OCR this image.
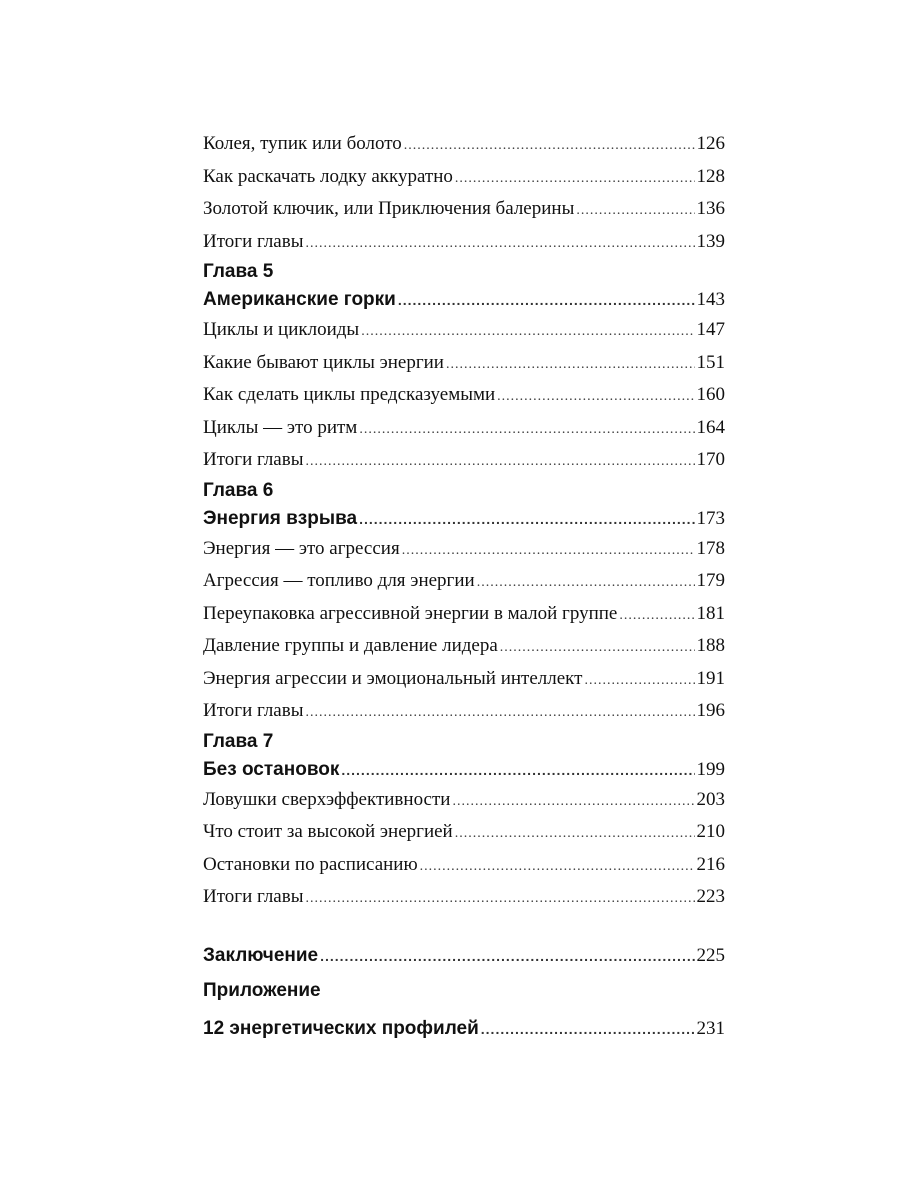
Колея, тупик или болото .....	126
Как раскачать лодку аккуратно .....	128
Золотой ключик, или Приключения балерины .....	136
Итоги главы .....	139
Глава 5
Американские горки .....	143
Циклы и циклоиды .....	147
Какие бывают циклы энергии .....	151
Как сделать циклы предсказуемыми .....	160
Циклы — это ритм .....	164
Итоги главы .....	170
Глава 6
Энергия взрыва .....	173
Энергия — это агрессия .....	178
Агрессия — топливо для энергии .....	179
Переупаковка агрессивной энергии в малой группе .....	181
Давление группы и давление лидера .....	188
Энергия агрессии и эмоциональный интеллект .....	191
Итоги главы .....	196
Глава 7
Без остановок .....	199
Ловушки сверхэффективности .....	203
Что стоит за высокой энергией .....	210
Остановки по расписанию .....	216
Итоги главы .....	223
Заключение .....	225
Приложение
12 энергетических профилей .....	231
